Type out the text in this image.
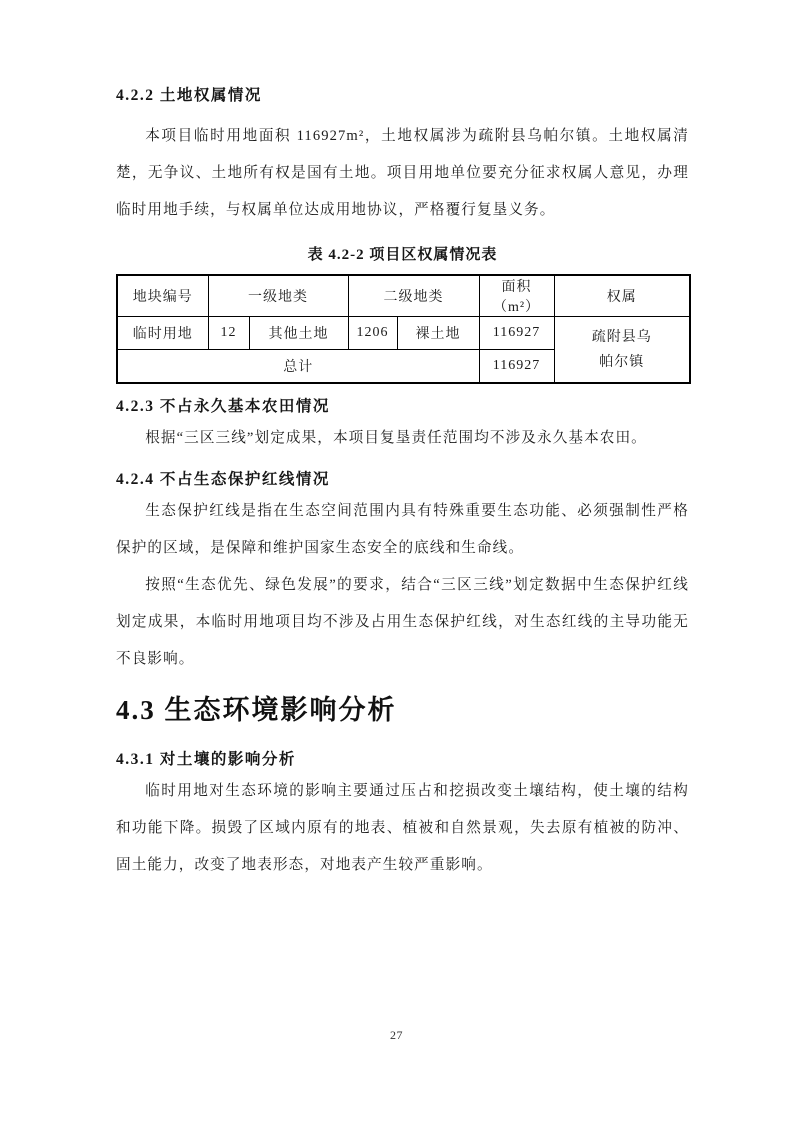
4.2.2 土地权属情况

本项目临时用地面积 116927m²，土地权属涉为疏附县乌帕尔镇。土地权属清楚，无争议、土地所有权是国有土地。项目用地单位要充分征求权属人意见，办理临时用地手续，与权属单位达成用地协议，严格覆行复垦义务。

表 4.2-2 项目区权属情况表
地块编号	一级地类		二级地类		面积（m²）	权属
临时用地	12	其他土地	1206	裸土地	116927	疏附县乌帕尔镇
总计					116927	
4.2.3 不占永久基本农田情况

根据“三区三线”划定成果，本项目复垦责任范围均不涉及永久基本农田。

4.2.4 不占生态保护红线情况

生态保护红线是指在生态空间范围内具有特殊重要生态功能、必须强制性严格保护的区域，是保障和维护国家生态安全的底线和生命线。

按照“生态优先、绿色发展”的要求，结合“三区三线”划定数据中生态保护红线划定成果，本临时用地项目均不涉及占用生态保护红线，对生态红线的主导功能无不良影响。

4.3 生态环境影响分析
4.3.1 对土壤的影响分析

临时用地对生态环境的影响主要通过压占和挖损改变土壤结构，使土壤的结构和功能下降。损毁了区域内原有的地表、植被和自然景观，失去原有植被的防冲、固土能力，改变了地表形态，对地表产生较严重影响。

27
